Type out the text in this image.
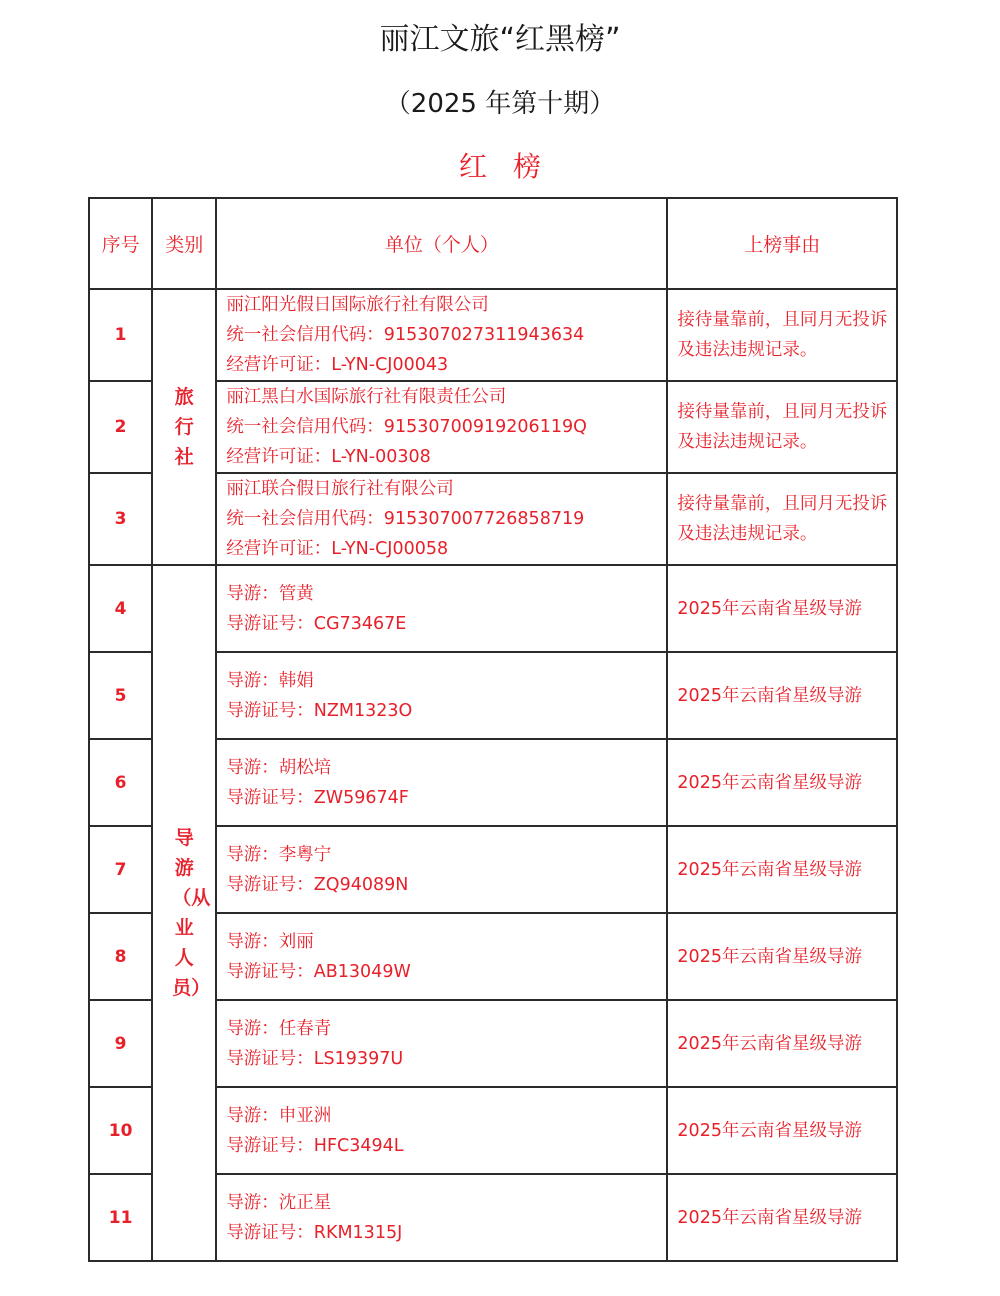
丽江文旅“红黑榜”
（2025 年第十期）
红榜
序号	类别	单位（个人）	上榜事由
1	旅行社	丽江阳光假日国际旅行社有限公司
统一社会信用代码：915307027311943634
经营许可证：L-YN-CJ00043	接待量靠前，且同月无投诉及违法违规记录。
2		丽江黑白水国际旅行社有限责任公司
统一社会信用代码：91530700919206119Q
经营许可证：L-YN-00308	接待量靠前，且同月无投诉及违法违规记录。
3		丽江联合假日旅行社有限公司
统一社会信用代码：915307007726858719
经营许可证：L-YN-CJ00058	接待量靠前，且同月无投诉及违法违规记录。
4	导游（从业人员）	导游：管黄
导游证号：CG73467E	2025年云南省星级导游
5		导游：韩娟
导游证号：NZM1323O	2025年云南省星级导游
6		导游：胡松培
导游证号：ZW59674F	2025年云南省星级导游
7		导游：李粤宁
导游证号：ZQ94089N	2025年云南省星级导游
8		导游：刘丽
导游证号：AB13049W	2025年云南省星级导游
9		导游：任春青
导游证号：LS19397U	2025年云南省星级导游
10		导游：申亚洲
导游证号：HFC3494L	2025年云南省星级导游
11		导游：沈正星
导游证号：RKM1315J	2025年云南省星级导游
